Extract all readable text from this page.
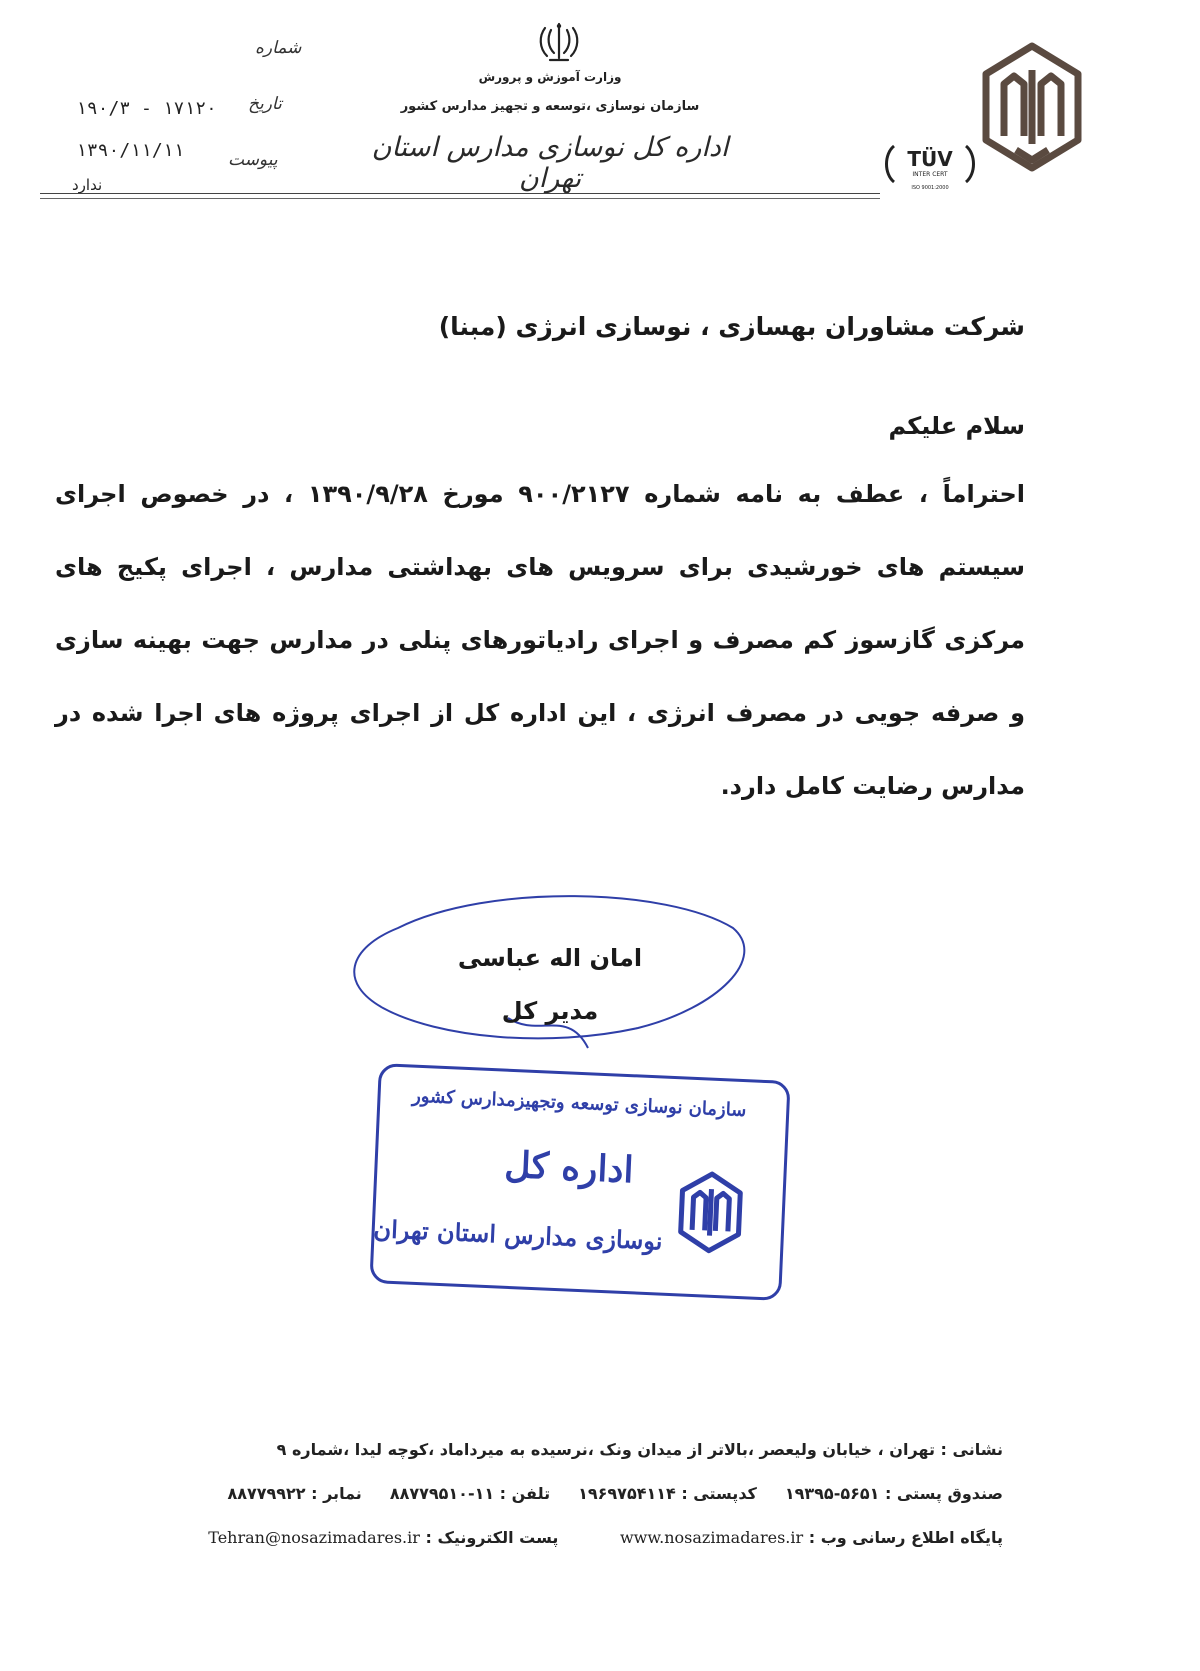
وزارت آموزش و پرورش
سازمان نوسازی ،توسعه و تجهیز مدارس کشور
اداره کل نوسازی مدارس استان تهران
TÜV
INTER CERT
ISO 9001:2000
شماره
تاریخ
پیوست
۱۹۰/۳ - ۱۷۱۲۰
۱۳۹۰/۱۱/۱۱
ندارد
شرکت مشاوران بهسازی ، نوسازی انرژی (مبنا)
سلام علیکم
احتراماً ، عطف به نامه شماره ۹۰۰/۲۱۲۷ مورخ ۱۳۹۰/۹/۲۸ ، در خصوص اجرای سیستم های خورشیدی برای سرویس های بهداشتی مدارس ، اجرای پکیج های مرکزی گازسوز کم مصرف و اجرای رادیاتورهای پنلی در مدارس جهت بهینه سازی و صرفه جویی در مصرف انرژی ، این اداره کل از اجرای پروژه های اجرا شده در مدارس رضایت کامل دارد.
امان اله عباسی
مدیر کل
سازمان نوسازی توسعه وتجهیزمدارس کشور
اداره کل
نوسازی مدارس استان تهران
نشانی : تهران ، خیابان ولیعصر ،بالاتر از میدان ونک ،نرسیده به میرداماد ،کوچه لیدا ،شماره ۹
صندوق پستی : ۵۶۵۱-۱۹۳۹۵کدپستی : ۱۹۶۹۷۵۴۱۱۴تلفن : ۱۱-۸۸۷۷۹۵۱۰نمابر : ۸۸۷۷۹۹۲۲
پایگاه اطلاع رسانی وب : www.nosazimadares.ir پست الکترونیک : Tehran@nosazimadares.ir
